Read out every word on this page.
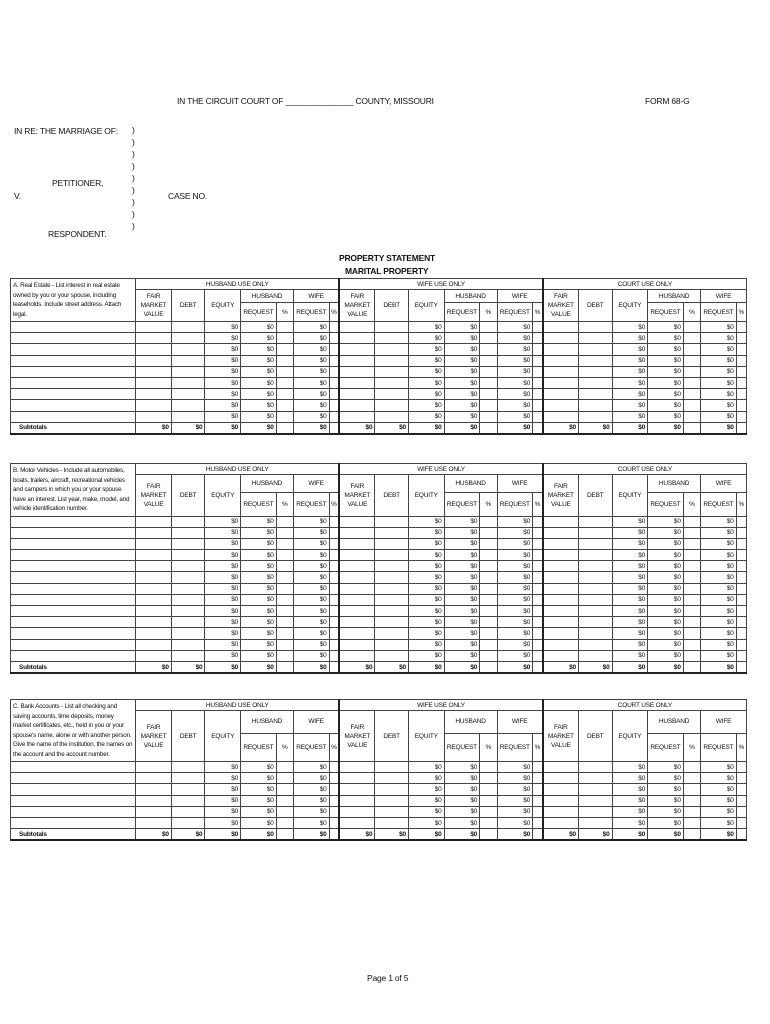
IN THE CIRCUIT COURT OF _______________ COUNTY, MISSOURI	FORM 68-G
IN RE: THE MARRIAGE OF: )
)
)
)
)
)
)
)
)
PETITIONER,
V.	CASE NO.
RESPONDENT.
PROPERTY STATEMENT
MARITAL PROPERTY
A. Real Estate - List interest in real estate owned by you or your spouse, including leaseholds. Include street address. Attach legal.	HUSBAND USE ONLY							WIFE USE ONLY							COURT USE ONLY						
	FAIR MARKET VALUE	DEBT	EQUITY	HUSBAND		WIFE		FAIR MARKET VALUE	DEBT	EQUITY	HUSBAND		WIFE		FAIR MARKET VALUE	DEBT	EQUITY	HUSBAND		WIFE	
				REQUEST	%	REQUEST	%				REQUEST	%	REQUEST	%				REQUEST	%	REQUEST	%

			$0	$0		$0				$0	$0		$0				$0	$0		$0	
			$0	$0		$0				$0	$0		$0				$0	$0		$0	
			$0	$0		$0				$0	$0		$0				$0	$0		$0	
			$0	$0		$0				$0	$0		$0				$0	$0		$0	
			$0	$0		$0				$0	$0		$0				$0	$0		$0	
			$0	$0		$0				$0	$0		$0				$0	$0		$0	
			$0	$0		$0				$0	$0		$0				$0	$0		$0	
			$0	$0		$0				$0	$0		$0				$0	$0		$0	
			$0	$0		$0				$0	$0		$0				$0	$0		$0	
Subtotals	$0	$0	$0	$0		$0		$0	$0	$0	$0		$0		$0	$0	$0	$0		$0	
B. Motor Vehicles - Include all automobiles, boats, trailers, aircraft, recreational vehicles and campers in which you or your spouse have an interest. List year, make, model, and vehicle identification number.	HUSBAND USE ONLY							WIFE USE ONLY							COURT USE ONLY						
	FAIR MARKET VALUE	DEBT	EQUITY	HUSBAND		WIFE		FAIR MARKET VALUE	DEBT	EQUITY	HUSBAND		WIFE		FAIR MARKET VALUE	DEBT	EQUITY	HUSBAND		WIFE	
				REQUEST	%	REQUEST	%				REQUEST	%	REQUEST	%				REQUEST	%	REQUEST	%

			$0	$0		$0				$0	$0		$0				$0	$0		$0	
			$0	$0		$0				$0	$0		$0				$0	$0		$0	
			$0	$0		$0				$0	$0		$0				$0	$0		$0	
			$0	$0		$0				$0	$0		$0				$0	$0		$0	
			$0	$0		$0				$0	$0		$0				$0	$0		$0	
			$0	$0		$0				$0	$0		$0				$0	$0		$0	
			$0	$0		$0				$0	$0		$0				$0	$0		$0	
			$0	$0		$0				$0	$0		$0				$0	$0		$0	
			$0	$0		$0				$0	$0		$0				$0	$0		$0	
			$0	$0		$0				$0	$0		$0				$0	$0		$0	
			$0	$0		$0				$0	$0		$0				$0	$0		$0	
			$0	$0		$0				$0	$0		$0				$0	$0		$0	
			$0	$0		$0				$0	$0		$0				$0	$0		$0	
Subtotals	$0	$0	$0	$0		$0		$0	$0	$0	$0		$0		$0	$0	$0	$0		$0	
C. Bank Accounts - List all checking and saving accounts, time deposits, money market certificates, etc., held in you or your spouse's name, alone or with another person. Give the name of the institution, the names on the account and the account number.	HUSBAND USE ONLY							WIFE USE ONLY							COURT USE ONLY						
	FAIR MARKET VALUE	DEBT	EQUITY	HUSBAND		WIFE		FAIR MARKET VALUE	DEBT	EQUITY	HUSBAND		WIFE		FAIR MARKET VALUE	DEBT	EQUITY	HUSBAND		WIFE	
				REQUEST	%	REQUEST	%				REQUEST	%	REQUEST	%				REQUEST	%	REQUEST	%

			$0	$0		$0				$0	$0		$0				$0	$0		$0	
			$0	$0		$0				$0	$0		$0				$0	$0		$0	
			$0	$0		$0				$0	$0		$0				$0	$0		$0	
			$0	$0		$0				$0	$0		$0				$0	$0		$0	
			$0	$0		$0				$0	$0		$0				$0	$0		$0	
			$0	$0		$0				$0	$0		$0				$0	$0		$0	
Subtotals	$0	$0	$0	$0		$0		$0	$0	$0	$0		$0		$0	$0	$0	$0		$0	
Page 1 of 5
